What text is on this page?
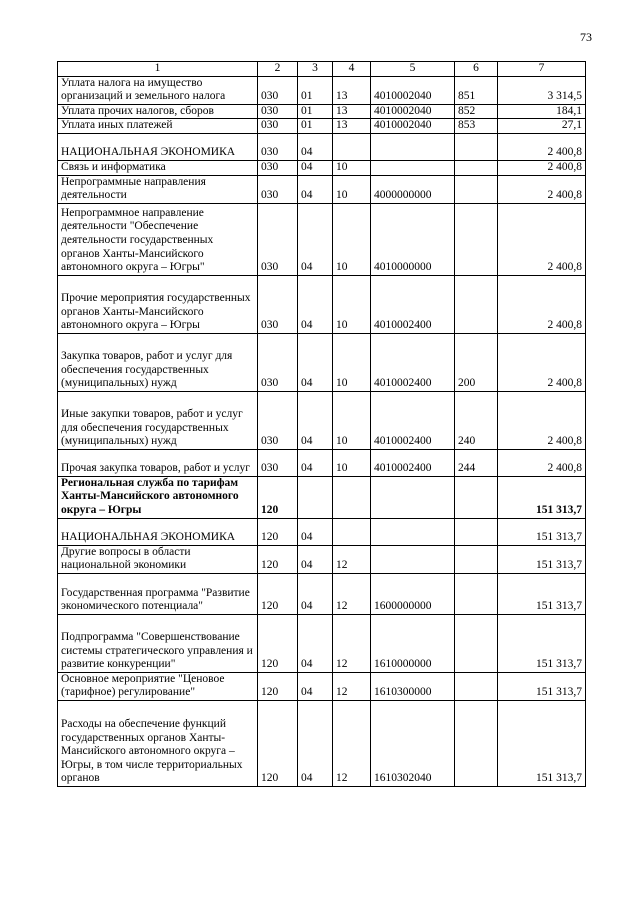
73
1	2	3	4	5	6	7
Уплата налога на имущество организаций и земельного налога	030	01	13	4010002040	851	3 314,5
Уплата прочих налогов, сборов	030	01	13	4010002040	852	184,1
Уплата иных платежей	030	01	13	4010002040	853	27,1
НАЦИОНАЛЬНАЯ ЭКОНОМИКА	030	04				2 400,8
Связь и информатика	030	04	10			2 400,8
Непрограммные направления деятельности	030	04	10	4000000000		2 400,8
Непрограммное направление деятельности "Обеспечение деятельности государственных органов Ханты-Мансийского автономного округа – Югры"	030	04	10	4010000000		2 400,8
Прочие мероприятия государственных органов Ханты-Мансийского автономного округа – Югры	030	04	10	4010002400		2 400,8
Закупка товаров, работ и услуг для обеспечения государственных (муниципальных) нужд	030	04	10	4010002400	200	2 400,8
Иные закупки товаров, работ и услуг для обеспечения государственных (муниципальных) нужд	030	04	10	4010002400	240	2 400,8
Прочая закупка товаров, работ и услуг	030	04	10	4010002400	244	2 400,8
Региональная служба по тарифам Ханты-Мансийского автономного округа – Югры	120					151 313,7
НАЦИОНАЛЬНАЯ ЭКОНОМИКА	120	04				151 313,7
Другие вопросы в области национальной экономики	120	04	12			151 313,7
Государственная программа "Развитие экономического потенциала"	120	04	12	1600000000		151 313,7
Подпрограмма "Совершенствование системы стратегического управления и развитие конкуренции"	120	04	12	1610000000		151 313,7
Основное мероприятие "Ценовое (тарифное) регулирование"	120	04	12	1610300000		151 313,7
Расходы на обеспечение функций государственных органов Ханты-Мансийского автономного округа – Югры, в том числе территориальных органов	120	04	12	1610302040		151 313,7
